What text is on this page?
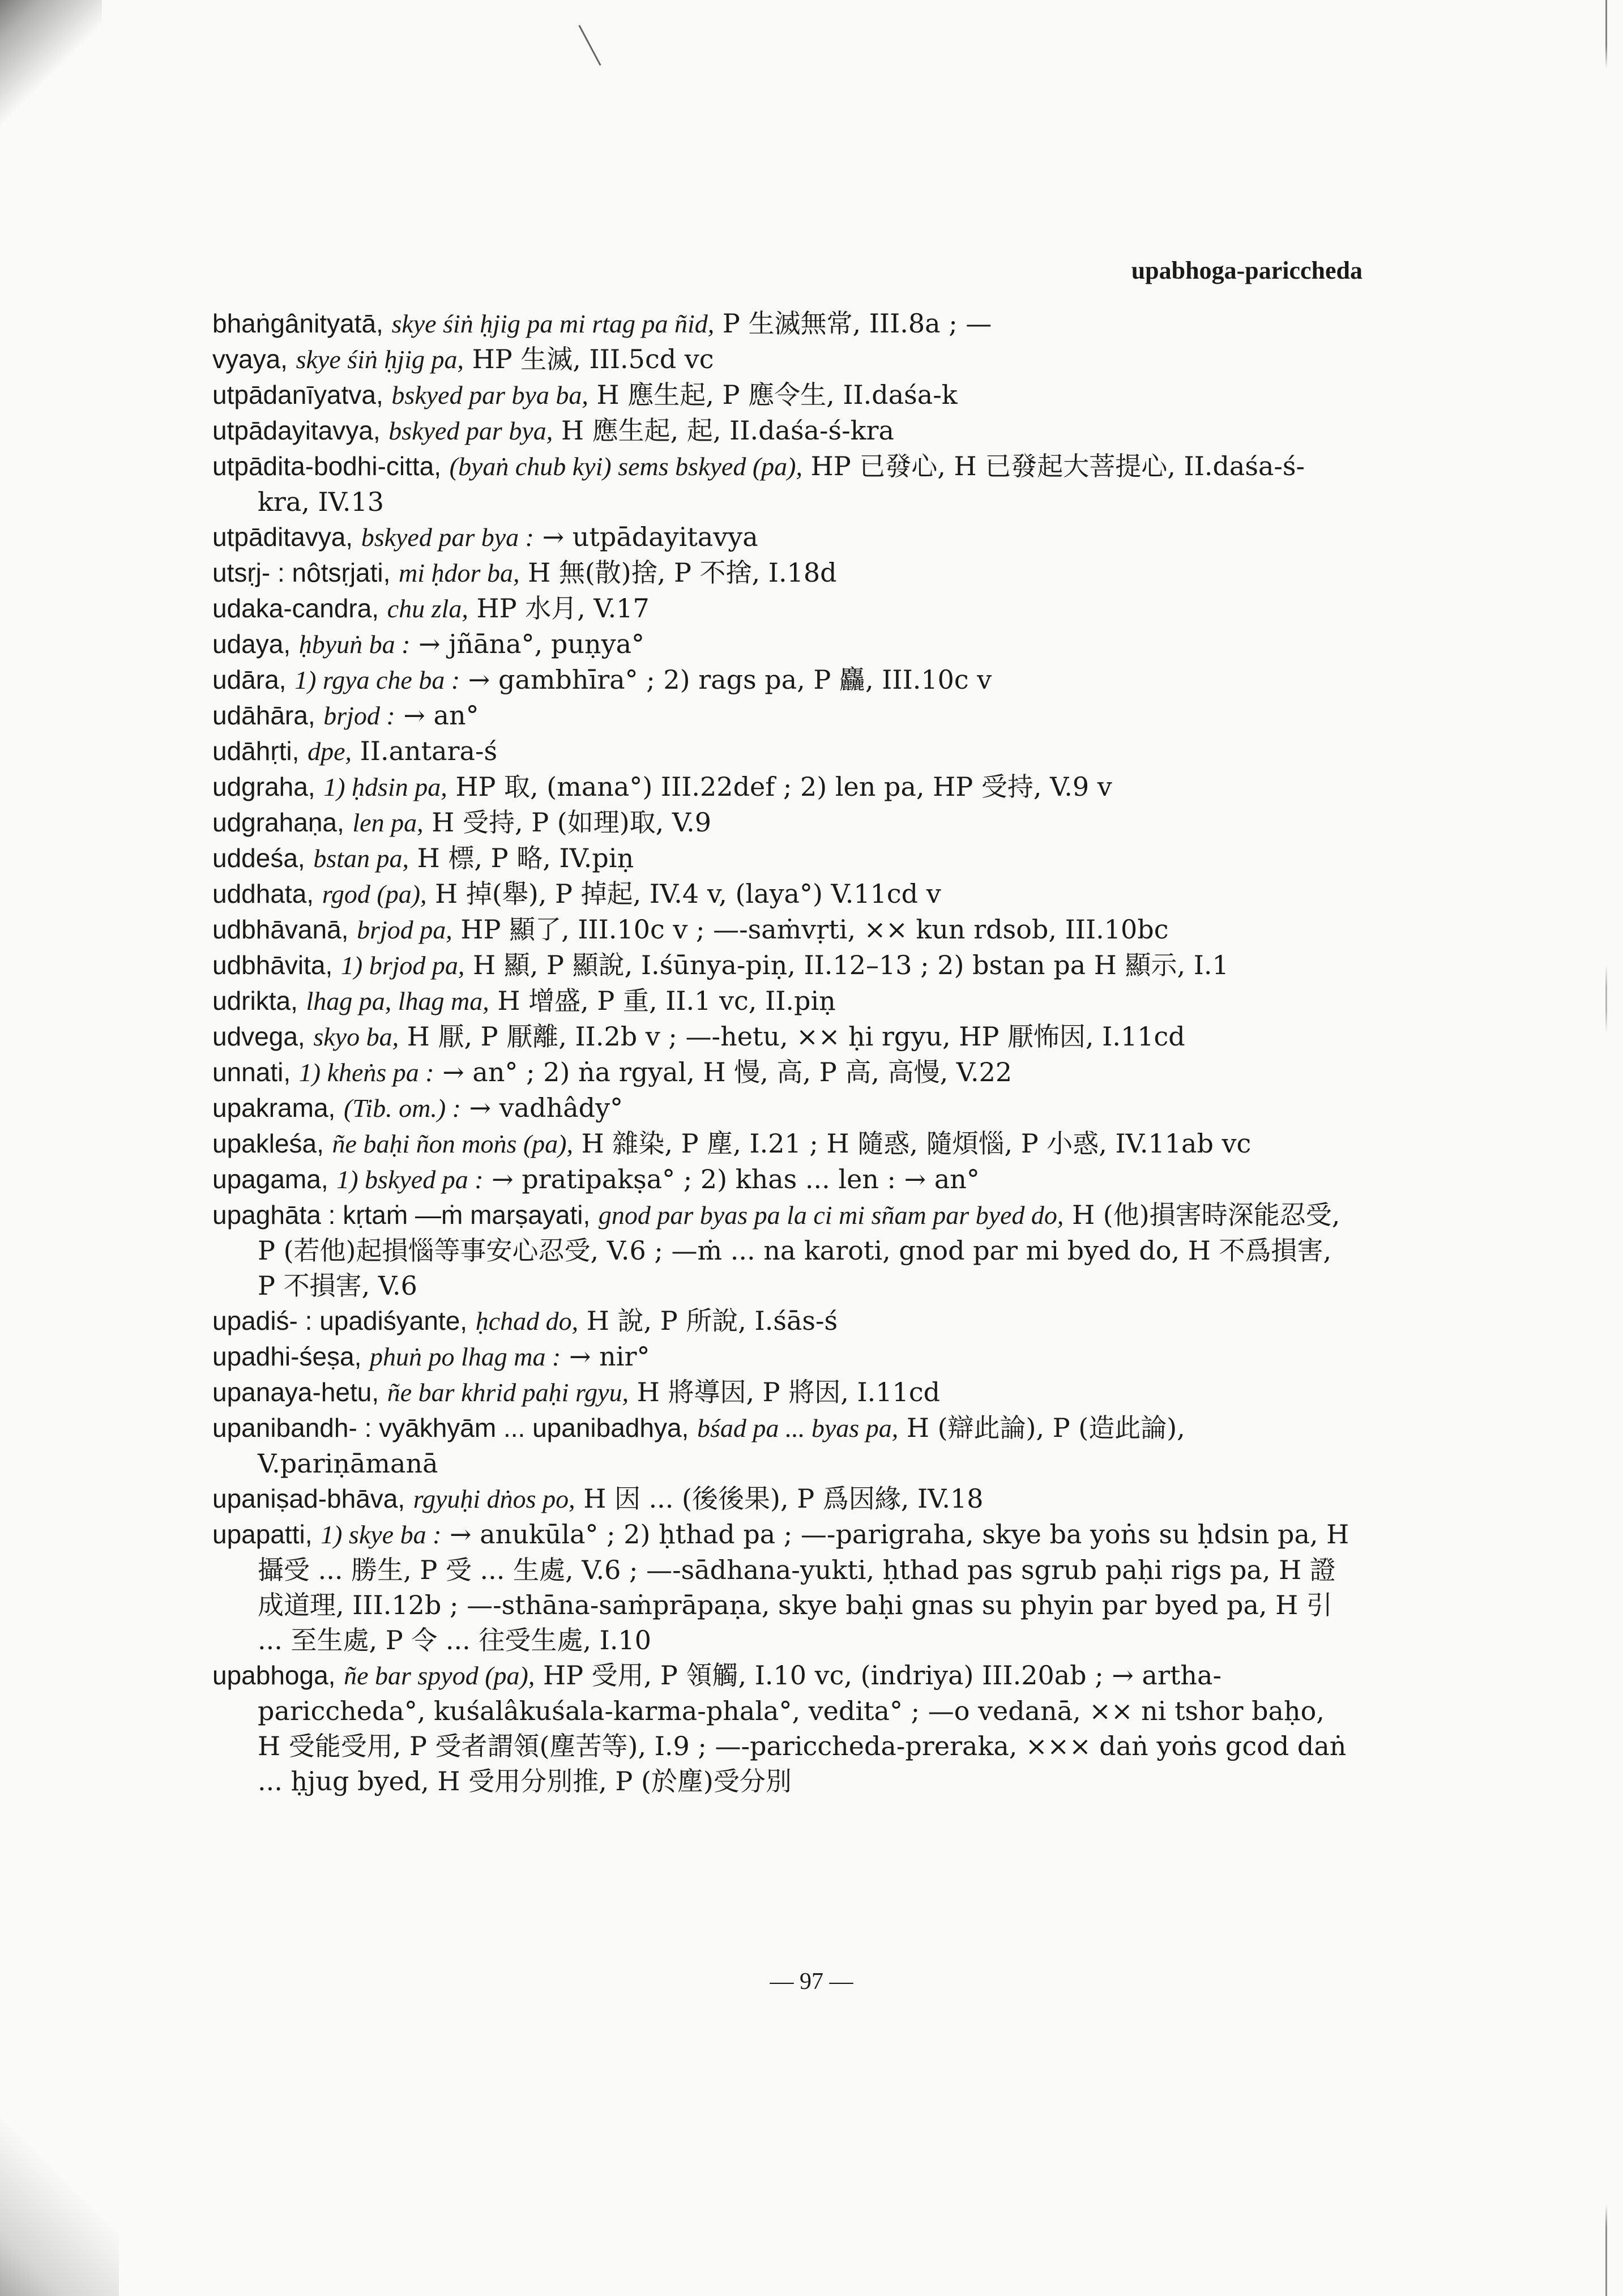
upabhoga-pariccheda
bhaṅgânityatā, skye śiṅ ḥjig pa mi rtag pa ñid, P 生滅無常, III.8a ; —
vyaya, skye śiṅ ḥjig pa, HP 生滅, III.5cd vc
utpādanīyatva, bskyed par bya ba, H 應生起, P 應令生, II.daśa-k
utpādayitavya, bskyed par bya, H 應生起, 起, II.daśa-ś-kra
utpādita-bodhi-citta, (byaṅ chub kyi) sems bskyed (pa), HP 已發心, H 已發起大菩提心, II.daśa-ś-kra, IV.13
utpāditavya, bskyed par bya : → utpādayitavya
utsṛj- : nôtsṛjati, mi ḥdor ba, H 無(散)捨, P 不捨, I.18d
udaka-candra, chu zla, HP 水月, V.17
udaya, ḥbyuṅ ba : → jñāna°, puṇya°
udāra, 1) rgya che ba : → gambhīra° ; 2) rags pa, P 麤, III.10c v
udāhāra, brjod : → an°
udāhṛti, dpe, II.antara-ś
udgraha, 1) ḥdsin pa, HP 取, (mana°) III.22def ; 2) len pa, HP 受持, V.9 v
udgrahaṇa, len pa, H 受持, P (如理)取, V.9
uddeśa, bstan pa, H 標, P 略, IV.piṇ
uddhata, rgod (pa), H 掉(舉), P 掉起, IV.4 v, (laya°) V.11cd v
udbhāvanā, brjod pa, HP 顯了, III.10c v ; —-saṁvṛti, ×× kun rdsob, III.10bc
udbhāvita, 1) brjod pa, H 顯, P 顯說, I.śūnya-piṇ, II.12–13 ; 2) bstan pa H 顯示, I.1
udrikta, lhag pa, lhag ma, H 增盛, P 重, II.1 vc, II.piṇ
udvega, skyo ba, H 厭, P 厭離, II.2b v ; —-hetu, ×× ḥi rgyu, HP 厭怖因, I.11cd
unnati, 1) kheṅs pa : → an° ; 2) ṅa rgyal, H 慢, 高, P 高, 高慢, V.22
upakrama, (Tib. om.) : → vadhâdy°
upakleśa, ñe baḥi ñon moṅs (pa), H 雜染, P 塵, I.21 ; H 隨惑, 隨煩惱, P 小惑, IV.11ab vc
upagama, 1) bskyed pa : → pratipakṣa° ; 2) khas ... len : → an°
upaghāta : kṛtaṁ —ṁ marṣayati, gnod par byas pa la ci mi sñam par byed do, H (他)損害時深能忍受, P (若他)起損惱等事安心忍受, V.6 ; —ṁ ... na karoti, gnod par mi byed do, H 不爲損害, P 不損害, V.6
upadiś- : upadiśyante, ḥchad do, H 說, P 所說, I.śās-ś
upadhi-śeṣa, phuṅ po lhag ma : → nir°
upanaya-hetu, ñe bar khrid paḥi rgyu, H 將導因, P 將因, I.11cd
upanibandh- : vyākhyām ... upanibadhya, bśad pa ... byas pa, H (辯此論), P (造此論), V.pariṇāmanā
upaniṣad-bhāva, rgyuḥi dṅos po, H 因 ... (後後果), P 爲因緣, IV.18
upapatti, 1) skye ba : → anukūla° ; 2) ḥthad pa ; —-parigraha, skye ba yoṅs su ḥdsin pa, H 攝受 ... 勝生, P 受 ... 生處, V.6 ; —-sādhana-yukti, ḥthad pas sgrub paḥi rigs pa, H 證成道理, III.12b ; —-sthāna-saṁprāpaṇa, skye baḥi gnas su phyin par byed pa, H 引 ... 至生處, P 令 ... 往受生處, I.10
upabhoga, ñe bar spyod (pa), HP 受用, P 領觸, I.10 vc, (indriya) III.20ab ; → artha-pariccheda°, kuśalâkuśala-karma-phala°, vedita° ; —o vedanā, ×× ni tshor baḥo, H 受能受用, P 受者謂領(塵苦等), I.9 ; —-pariccheda-preraka, ××× daṅ yoṅs gcod daṅ ... ḥjug byed, H 受用分別推, P (於塵)受分別
— 97 —
